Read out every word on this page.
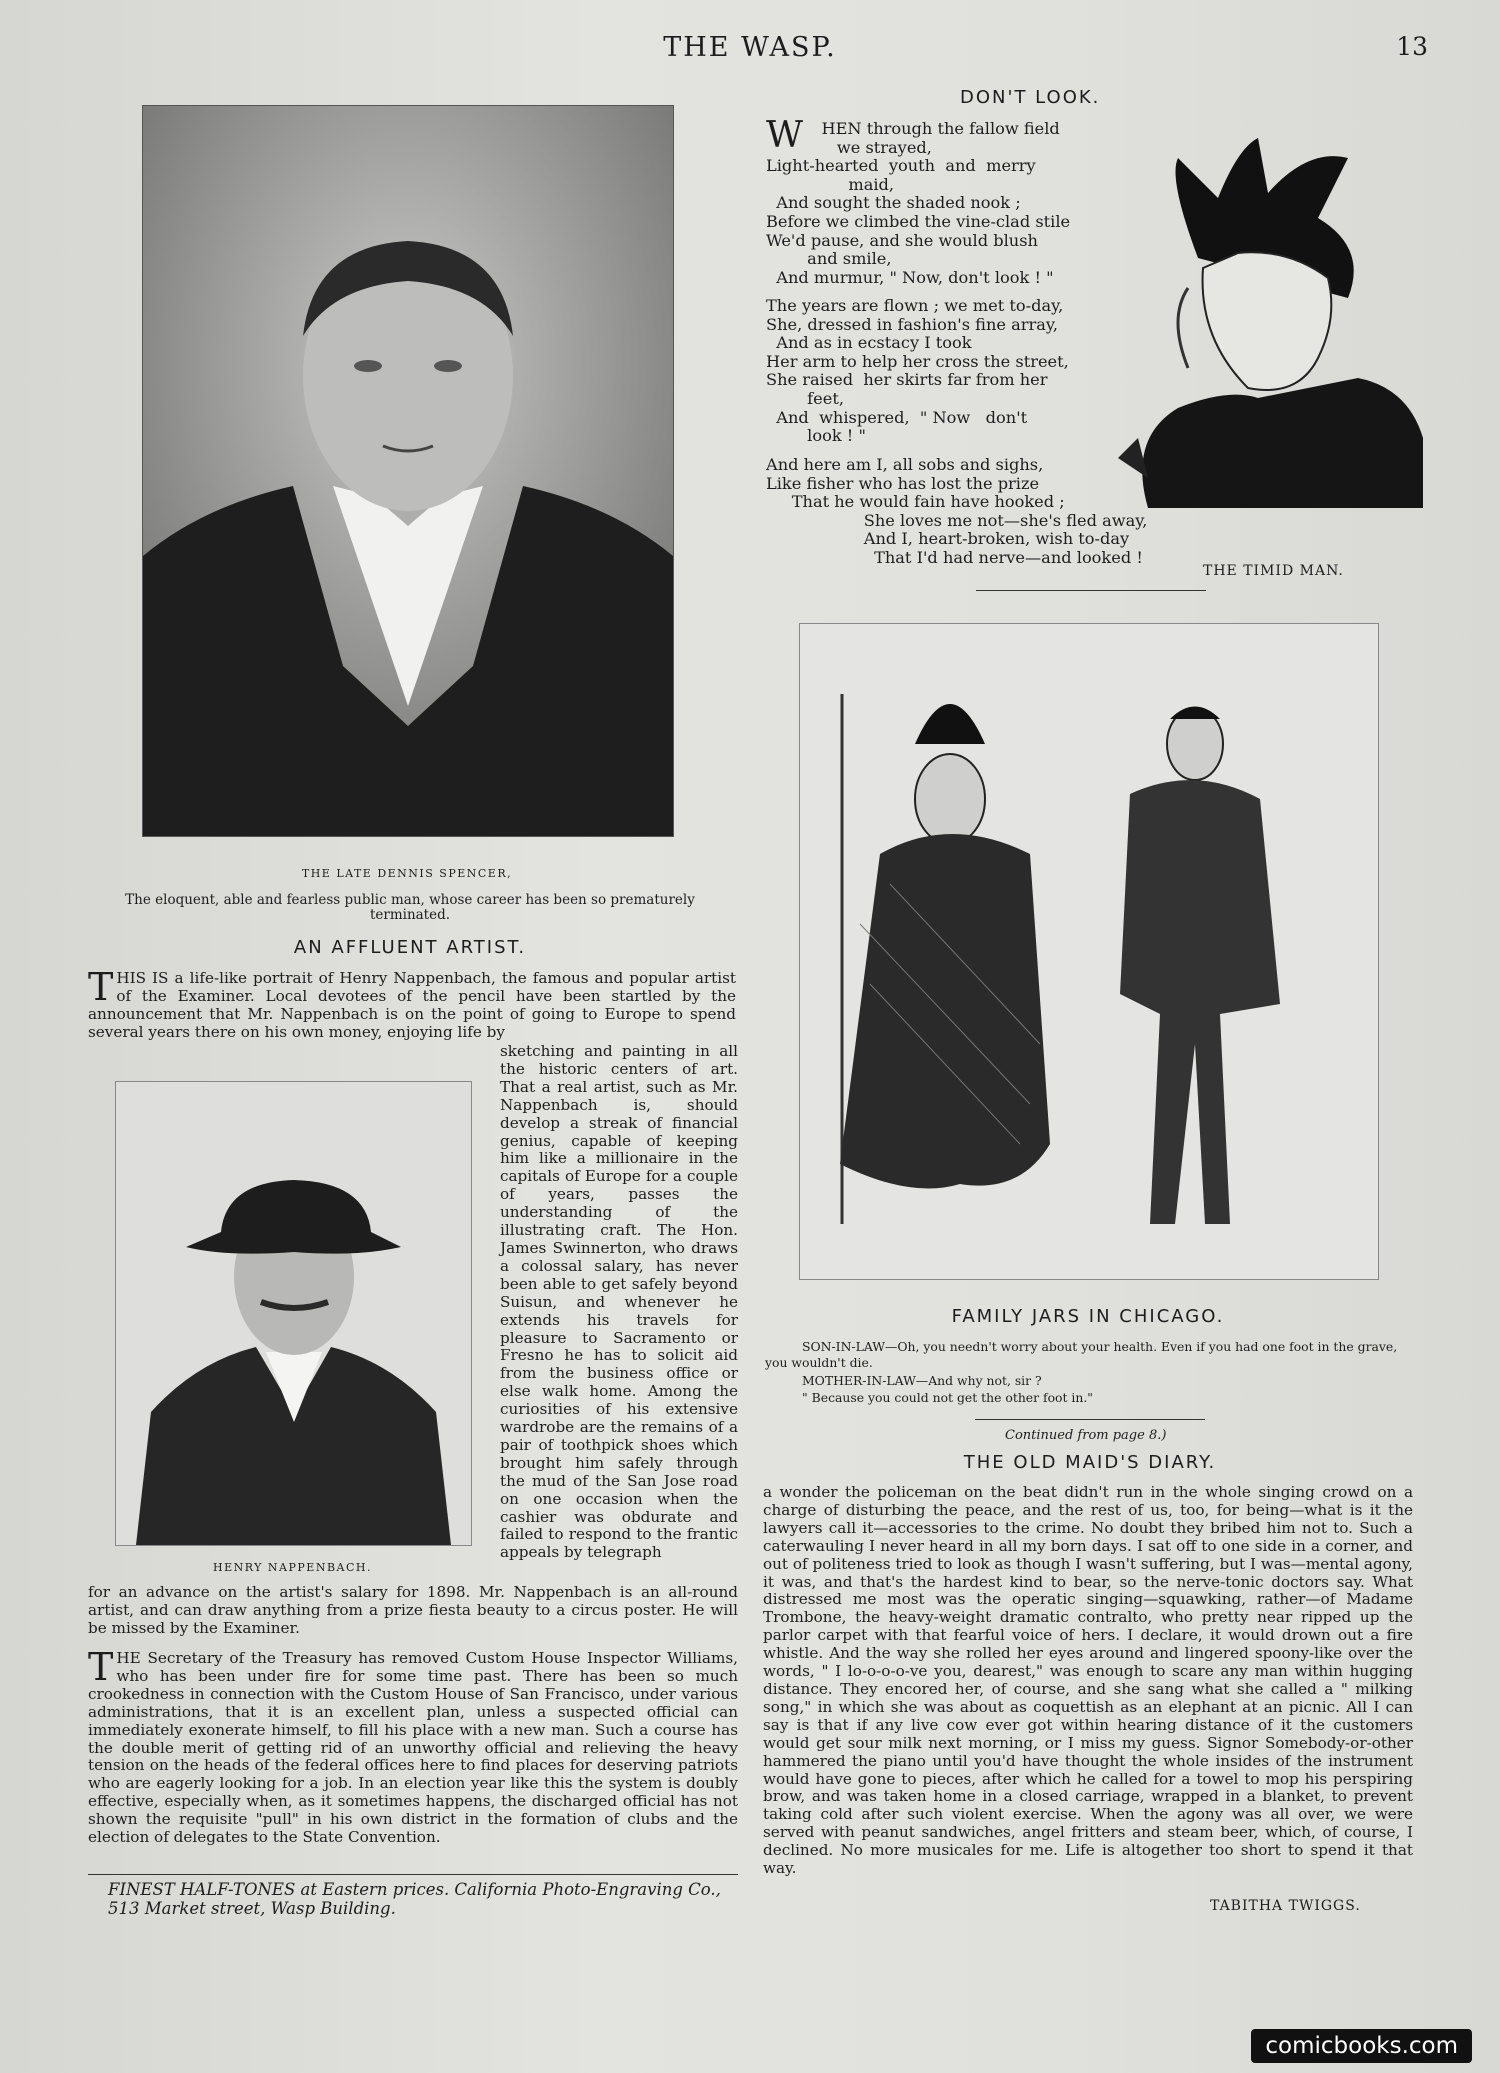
THE WASP.	13
THE LATE DENNIS SPENCER,
The eloquent, able and fearless public man, whose career has been so prematurely terminated.
AN AFFLUENT ARTIST.
THIS IS a life-like portrait of Henry Nappenbach, the famous and popular artist of the Examiner. Local devotees of the pencil have been startled by the announcement that Mr. Nappenbach is on the point of going to Europe to spend several years there on his own money, enjoying life by
HENRY NAPPENBACH.
sketching and painting in all the historic centers of art. That a real artist, such as Mr. Nappenbach is, should develop a streak of financial genius, capable of keeping him like a millionaire in the capitals of Europe for a couple of years, passes the understanding of the illustrating craft. The Hon. James Swinnerton, who draws a colossal salary, has never been able to get safely beyond Suisun, and whenever he extends his travels for pleasure to Sacramento or Fresno he has to solicit aid from the business office or else walk home. Among the curiosities of his extensive wardrobe are the remains of a pair of toothpick shoes which brought him safely through the mud of the San Jose road on one occasion when the cashier was obdurate and failed to respond to the frantic appeals by telegraph
for an advance on the artist's salary for 1898. Mr. Nappenbach is an all-round artist, and can draw anything from a prize fiesta beauty to a circus poster. He will be missed by the Examiner.
THE Secretary of the Treasury has removed Custom House Inspector Williams, who has been under fire for some time past. There has been so much crookedness in connection with the Custom House of San Francisco, under various administrations, that it is an excellent plan, unless a suspected official can immediately exonerate himself, to fill his place with a new man. Such a course has the double merit of getting rid of an unworthy official and relieving the heavy tension on the heads of the federal offices here to find places for deserving patriots who are eagerly looking for a job. In an election year like this the system is doubly effective, especially when, as it sometimes happens, the discharged official has not shown the requisite "pull" in his own district in the formation of clubs and the election of delegates to the State Convention.
FINEST HALF-TONES at Eastern prices. California Photo-Engraving Co., 513 Market street, Wasp Building.
DON'T LOOK.
W	HEN through the fallow field
we strayed,
Light-hearted  youth  and  merry
maid,
And sought the shaded nook ;
Before we climbed the vine-clad stile
We'd pause, and she would blush
and smile,
And murmur, " Now, don't look ! "
The years are flown ; we met to-day,
She, dressed in fashion's fine array,
And as in ecstacy I took
Her arm to help her cross the street,
She raised  her skirts far from her
feet,
And  whispered,  " Now   don't
look ! "
And here am I, all sobs and sighs,
Like fisher who has lost the prize
That he would fain have hooked ;
She loves me not—she's fled away,
And I, heart-broken, wish to-day
That I'd had nerve—and looked !
THE TIMID MAN.
FAMILY JARS IN CHICAGO.
SON-IN-LAW—Oh, you needn't worry about your health. Even if you had one foot in the grave, you wouldn't die.
MOTHER-IN-LAW—And why not, sir ?
" Because you could not get the other foot in."
Continued from page 8.)
THE OLD MAID'S DIARY.
a wonder the policeman on the beat didn't run in the whole singing crowd on a charge of disturbing the peace, and the rest of us, too, for being—what is it the lawyers call it—accessories to the crime. No doubt they bribed him not to. Such a caterwauling I never heard in all my born days. I sat off to one side in a corner, and out of politeness tried to look as though I wasn't suffering, but I was—mental agony, it was, and that's the hardest kind to bear, so the nerve-tonic doctors say. What distressed me most was the operatic singing—squawking, rather—of Madame Trombone, the heavy-weight dramatic contralto, who pretty near ripped up the parlor carpet with that fearful voice of hers. I declare, it would drown out a fire whistle. And the way she rolled her eyes around and lingered spoony-like over the words, " I lo-o-o-o-ve you, dearest," was enough to scare any man within hugging distance. They encored her, of course, and she sang what she called a " milking song," in which she was about as coquettish as an elephant at an picnic. All I can say is that if any live cow ever got within hearing distance of it the customers would get sour milk next morning, or I miss my guess. Signor Somebody-or-other hammered the piano until you'd have thought the whole insides of the instrument would have gone to pieces, after which he called for a towel to mop his perspiring brow, and was taken home in a closed carriage, wrapped in a blanket, to prevent taking cold after such violent exercise. When the agony was all over, we were served with peanut sandwiches, angel fritters and steam beer, which, of course, I declined. No more musicales for me. Life is altogether too short to spend it that way.
TABITHA TWIGGS.
comicbooks.com
